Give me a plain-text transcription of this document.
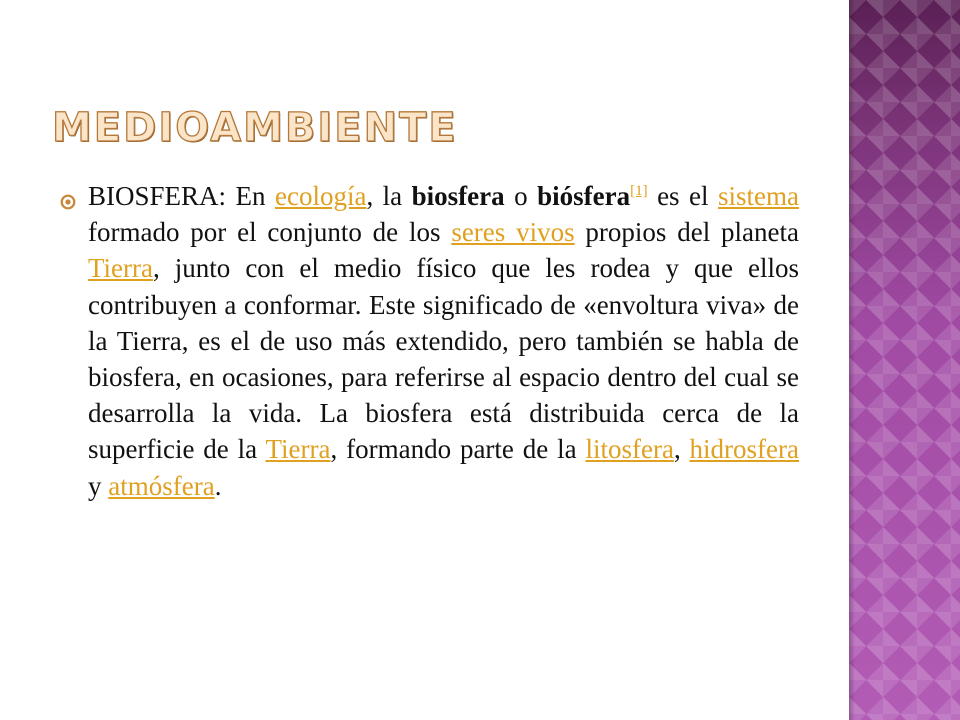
MEDIOAMBIENTE

BIOSFERA: En ecología, la biosfera o biósfera[1] es el sistema formado por el conjunto de los seres vivos propios del planeta Tierra, junto con el medio físico que les rodea y que ellos contribuyen a conformar. Este significado de «envoltura viva» de la Tierra, es el de uso más extendido, pero también se habla de biosfera, en ocasiones, para referirse al espacio dentro del cual se desarrolla la vida. La biosfera está distribuida cerca de la superficie de la Tierra, formando parte de la litosfera, hidrosfera y atmósfera.
